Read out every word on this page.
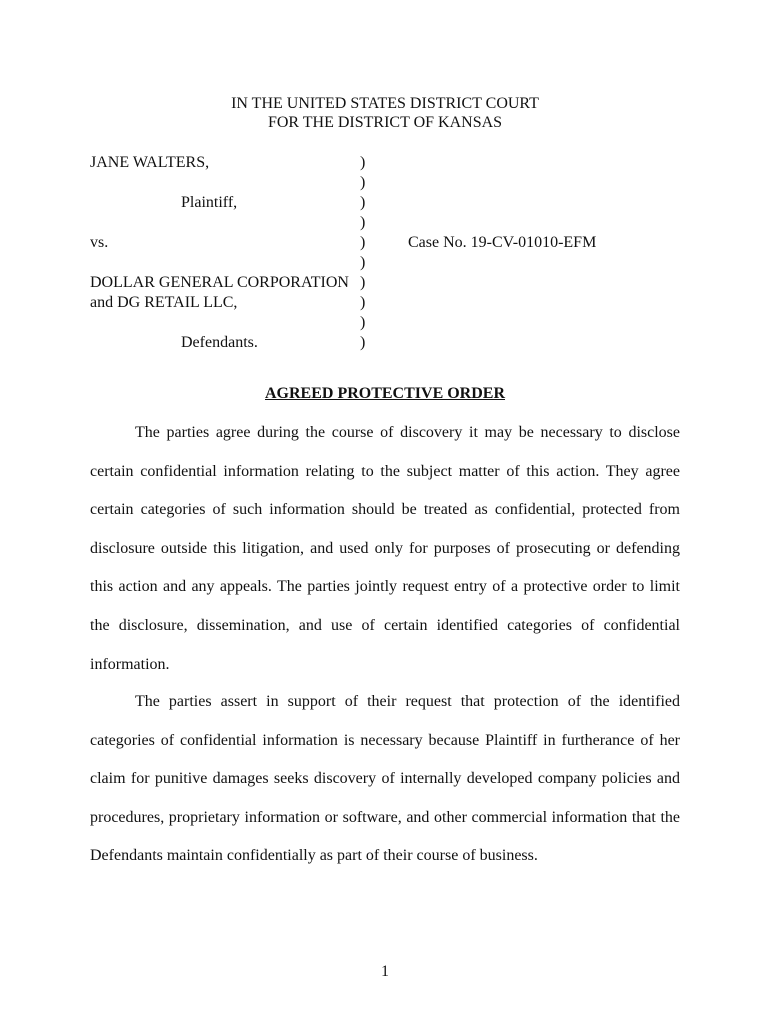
IN THE UNITED STATES DISTRICT COURT
FOR THE DISTRICT OF KANSAS
JANE WALTERS,	)
)
Plaintiff,	)
)
vs.	)	Case No. 19-CV-01010-EFM
)
DOLLAR GENERAL CORPORATION )
and DG RETAIL LLC,	)
)
Defendants.	)
AGREED PROTECTIVE ORDER
The parties agree during the course of discovery it may be necessary to disclose
certain confidential information relating to the subject matter of this action. They agree
certain categories of such information should be treated as confidential, protected from
disclosure outside this litigation, and used only for purposes of prosecuting or defending
this action and any appeals. The parties jointly request entry of a protective order to limit
the disclosure, dissemination, and use of certain identified categories of confidential
information.
The parties assert in support of their request that protection of the identified
categories of confidential information is necessary because Plaintiff in furtherance of her
claim for punitive damages seeks discovery of internally developed company policies and
procedures, proprietary information or software, and other commercial information that the
Defendants maintain confidentially as part of their course of business.
1
